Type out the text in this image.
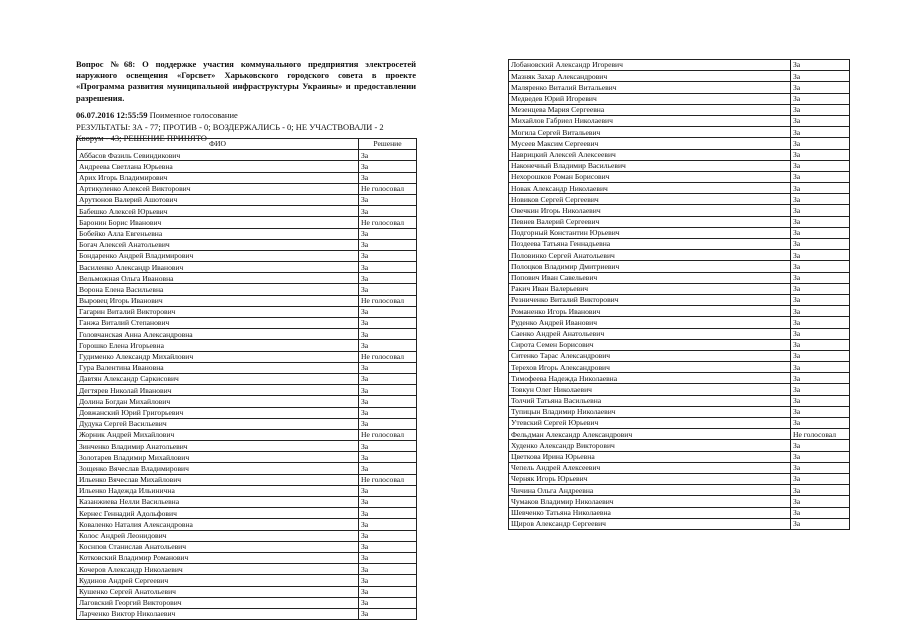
Вопрос №68: О поддержке участия коммунального предприятия электросетей наружного освещения «Горсвет» Харьковского городского совета в проекте «Программа развития муниципальной инфраструктуры Украины» и предоставлении разрешения.
06.07.2016 12:55:59 Поименное голосование
РЕЗУЛЬТАТЫ: ЗА - 77; ПРОТИВ - 0; ВОЗДЕРЖАЛИСЬ - 0; НЕ УЧАСТВОВАЛИ - 2
Кворум - 43; РЕШЕНИЕ ПРИНЯТО
ФИО	Решение
Аббасов Фазиль Севиндикович	За
Андреева Светлана Юрьевна	За
Арих Игорь Владимирович	За
Артикуленко Алексей Викторович	Не голосовал
Арутюнов Валерий Ашотович	За
Бабешко Алексей Юрьевич	За
Баронин Борис Иванович	Не голосовал
Бобейко Алла Евгеньевна	За
Богач Алексей Анатольевич	За
Бондаренко Андрей Владимирович	За
Василенко Александр Иванович	За
Вельможная Ольга Ивановна	За
Ворона Елена Васильевна	За
Выровец Игорь Иванович	Не голосовал
Гагарин Виталий Викторович	За
Ганжа Виталий Степанович	За
Головчанская Анна Александровна	За
Горошко Елена Игорьевна	За
Гудименко Александр Михайлович	Не голосовал
Гура Валентина Ивановна	За
Давтян Александр Саркисович	За
Дегтярев Николай Иванович	За
Долина Богдан Михайлович	За
Довжанский Юрий Григорьевич	За
Дудука Сергей Васильевич	За
Жорник Андрей Михайлович	Не голосовал
Зинченко Владимир Анатольевич	За
Золотарев Владимир Михайлович	За
Зощенко Вячеслав Владимирович	За
Ильенко Вячеслав Михайлович	Не голосовал
Ильенко Надежда Ильинична	За
Казанжиева Нелли Васильевна	За
Кернес Геннадий Адольфович	За
Коваленко Наталия Александровна	За
Колос Андрей Леонидович	За
Коснпов Станислав Анатольевич	За
Котковский Владимир Романович	За
Кочеров Александр Николаевич	За
Кудинов Андрей Сергеевич	За
Кушенко Сергей Анатольевич	За
Лаговский Георгий Викторович	За
Ларченко Виктор Николаевич	За
Лобановский Александр Игоревич	За
Мазняк Захар Александрович	За
Маляренко Виталий Витальевич	За
Медведев Юрий Игоревич	За
Мезенцева Мария Сергеевна	За
Михайлов Габриел Николаевич	За
Могила Сергей Витальевич	За
Мусеев Максим Сергеевич	За
Наврицкий Алексей Алексеевич	За
Наконечный Владимир Васильевич	За
Нехорошков Роман Борисович	За
Новак Александр Николаевич	За
Новиков Сергей Сергеевич	За
Овечкин Игорь Николаевич	За
Певнев Валерий Сергеевич	За
Подгорный Константин Юрьевич	За
Поздеева Татьяна Геннадьевна	За
Половинко Сергей Анатольевич	За
Полоцков Владимир Дмитриевич	За
Попович Иван Савельевич	За
Ракич Иван Валерьевич	За
Резниченко Виталий Викторович	За
Романенко Игорь Иванович	За
Руденко Андрей Иванович	За
Саенко Андрей Анатольевич	За
Сирота Семен Борисович	За
Ситенко Тарас Александрович	За
Терехов Игорь Александрович	За
Тимофеева Надежда Николаевна	За
Товкун Олег Николаевич	За
Толчий Татьяна Васильевна	За
Тупицын Владимир Николаевич	За
Утевский Сергей Юрьевич	За
Фельдман Александр Александрович	Не голосовал
Худенко Александр Викторович	За
Цветкова Ирина Юрьевна	За
Чепель Андрей Алексеевич	За
Черняк Игорь Юрьевич	За
Чичина Ольга Андреевна	За
Чумаков Владимир Николаевич	За
Шевченко Татьяна Николаевна	За
Щиров Александр Сергеевич	За
